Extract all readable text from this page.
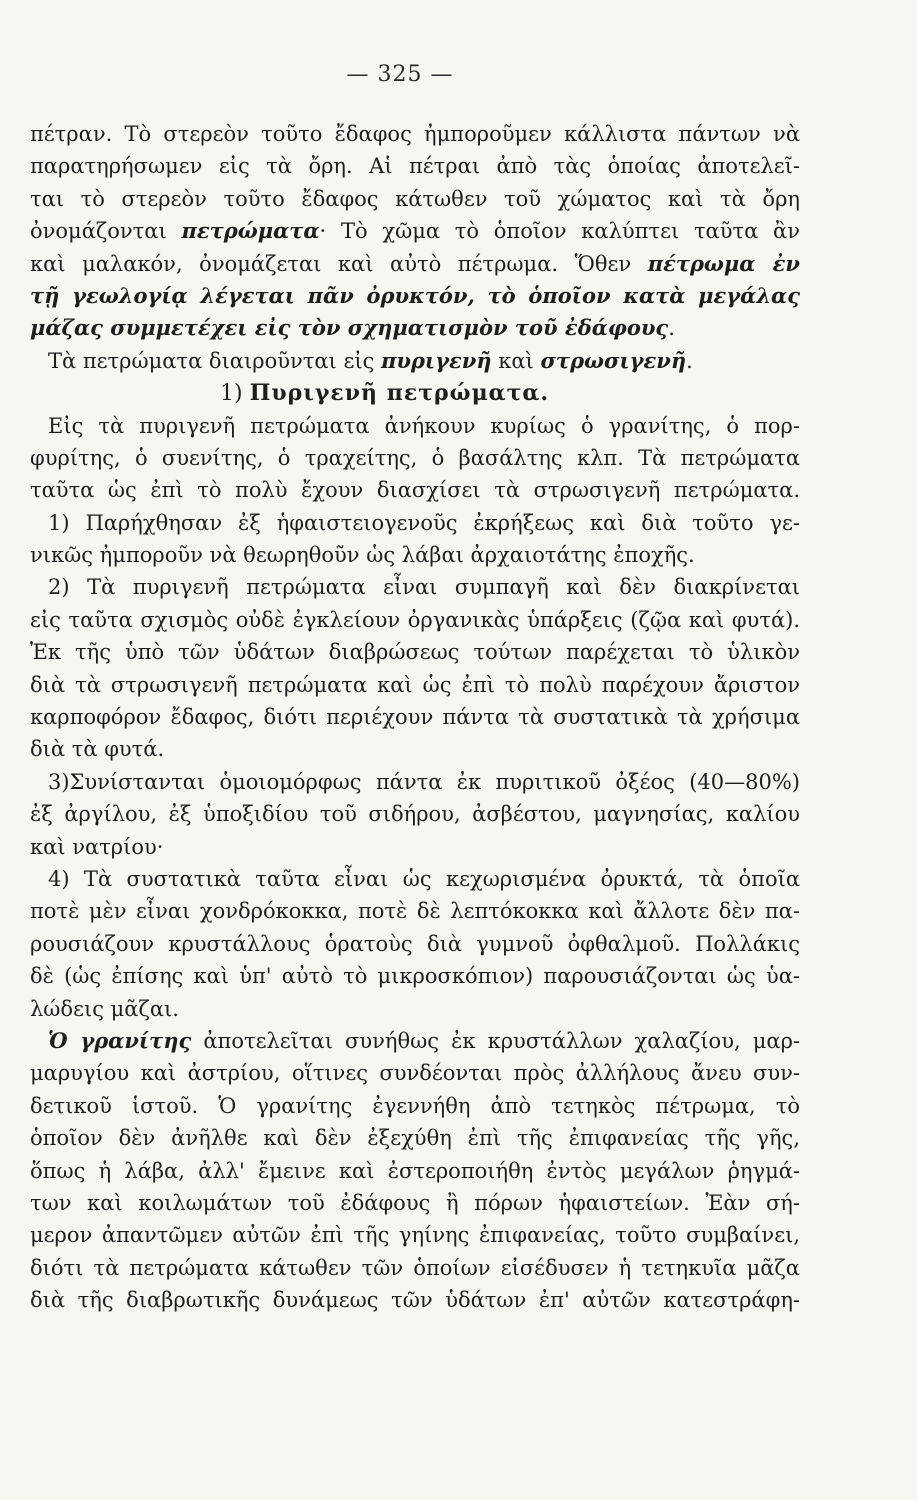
— 325 —
πέτραν. Τὸ στερεὸν τοῦτο ἔδαφος ἠμποροῦμεν κάλλιστα πάντων νὰ
παρατηρήσωμεν εἰς τὰ ὄρη. Αἱ πέτραι ἀπὸ τὰς ὁποίας ἀποτελεῖ-
ται τὸ στερεὸν τοῦτο ἔδαφος κάτωθεν τοῦ χώματος καὶ τὰ ὄρη
ὀνομάζονται πετρώματα· Τὸ χῶμα τὸ ὁποῖον καλύπτει ταῦτα ἂν
καὶ μαλακόν, ὀνομάζεται καὶ αὐτὸ πέτρωμα. Ὅθεν πέτρωμα ἐν
τῇ γεωλογίᾳ λέγεται πᾶν ὀρυκτόν, τὸ ὁποῖον κατὰ μεγάλας
μάζας συμμετέχει εἰς τὸν σχηματισμὸν τοῦ ἐδάφους.
Τὰ πετρώματα διαιροῦνται εἰς πυριγενῆ καὶ στρωσιγενῆ.
1) Πυριγενῆ πετρώματα.
Εἰς τὰ πυριγενῆ πετρώματα ἀνήκουν κυρίως ὁ γρανίτης, ὁ πορ-
φυρίτης, ὁ συενίτης, ὁ τραχείτης, ὁ βασάλτης κλπ. Τὰ πετρώματα
ταῦτα ὡς ἐπὶ τὸ πολὺ ἔχουν διασχίσει τὰ στρωσιγενῆ πετρώματα.
1) Παρήχθησαν ἐξ ἡφαιστειογενοῦς ἐκρήξεως καὶ διὰ τοῦτο γε-
νικῶς ἠμποροῦν νὰ θεωρηθοῦν ὡς λάβαι ἀρχαιοτάτης ἐποχῆς.
2) Τὰ πυριγενῆ πετρώματα εἶναι συμπαγῆ καὶ δὲν διακρίνεται
εἰς ταῦτα σχισμὸς οὐδὲ ἐγκλείουν ὀργανικὰς ὑπάρξεις (ζῷα καὶ φυτά).
Ἐκ τῆς ὑπὸ τῶν ὑδάτων διαβρώσεως τούτων παρέχεται τὸ ὑλικὸν
διὰ τὰ στρωσιγενῆ πετρώματα καὶ ὡς ἐπὶ τὸ πολὺ παρέχουν ἄριστον
καρποφόρον ἔδαφος, διότι περιέχουν πάντα τὰ συστατικὰ τὰ χρήσιμα
διὰ τὰ φυτά.
3)Συνίστανται ὁμοιομόρφως πάντα ἐκ πυριτικοῦ ὀξέος (40—80%)
ἐξ ἀργίλου, ἐξ ὑποξιδίου τοῦ σιδήρου, ἀσβέστου, μαγνησίας, καλίου
καὶ νατρίου·
4) Τὰ συστατικὰ ταῦτα εἶναι ὡς κεχωρισμένα ὀρυκτά, τὰ ὁποῖα
ποτὲ μὲν εἶναι χονδρόκοκκα, ποτὲ δὲ λεπτόκοκκα καὶ ἄλλοτε δὲν πα-
ρουσιάζουν κρυστάλλους ὁρατοὺς διὰ γυμνοῦ ὀφθαλμοῦ. Πολλάκις
δὲ (ὡς ἐπίσης καὶ ὑπ' αὐτὸ τὸ μικροσκόπιον) παρουσιάζονται ὡς ὑα-
λώδεις μᾶζαι.
Ὁ γρανίτης ἀποτελεῖται συνήθως ἐκ κρυστάλλων χαλαζίου, μαρ-
μαρυγίου καὶ ἀστρίου, οἵτινες συνδέονται πρὸς ἀλλήλους ἄνευ συν-
δετικοῦ ἱστοῦ. Ὁ γρανίτης ἐγεννήθη ἀπὸ τετηκὸς πέτρωμα, τὸ
ὁποῖον δὲν ἀνῆλθε καὶ δὲν ἐξεχύθη ἐπὶ τῆς ἐπιφανείας τῆς γῆς,
ὅπως ἡ λάβα, ἀλλ' ἔμεινε καὶ ἐστεροποιήθη ἐντὸς μεγάλων ῥηγμά-
των καὶ κοιλωμάτων τοῦ ἐδάφους ἢ πόρων ἡφαιστείων. Ἐὰν σή-
μερον ἀπαντῶμεν αὐτῶν ἐπὶ τῆς γηίνης ἐπιφανείας, τοῦτο συμβαίνει,
διότι τὰ πετρώματα κάτωθεν τῶν ὁποίων εἰσέδυσεν ἡ τετηκυῖα μᾶζα
διὰ τῆς διαβρωτικῆς δυνάμεως τῶν ὑδάτων ἐπ' αὐτῶν κατεστράφη-
